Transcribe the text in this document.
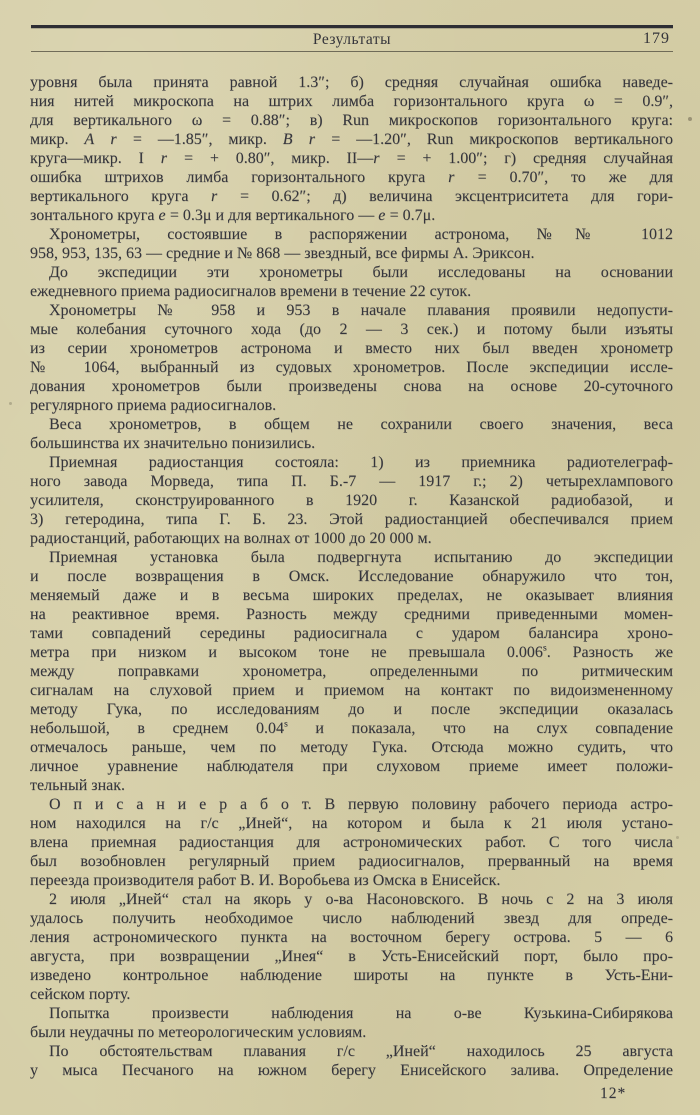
Результаты	179
уровня была принята равной 1.3″; б) средняя случайная ошибка наведе-
ния нитей микроскопа на штрих лимба горизонтального круга ω = 0.9″,
для вертикального ω = 0.88″; в) Run микроскопов горизонтального круга:
микр. A r = —1.85″, микр. B r = —1.20″, Run микроскопов вертикального
круга—микр. I r = + 0.80″, микр. II—r = + 1.00″; г) средняя случайная
ошибка штрихов лимба горизонтального круга r = 0.70″, то же для
вертикального круга r = 0.62″; д) величина эксцентриситета для гори-
зонтального круга e = 0.3μ и для вертикального — e = 0.7μ.
Хронометры, состоявшие в распоряжении астронома, №№ 1012
958, 953, 135, 63 — средние и № 868 — звездный, все фирмы А. Эриксон.
До экспедиции эти хронометры были исследованы на основании
ежедневного приема радиосигналов времени в течение 22 суток.
Хронометры № 958 и 953 в начале плавания проявили недопусти-
мые колебания суточного хода (до 2 — 3 сек.) и потому были изъяты
из серии хронометров астронома и вместо них был введен хронометр
№ 1064, выбранный из судовых хронометров. После экспедиции иссле-
дования хронометров были произведены снова на основе 20-суточного
регулярного приема радиосигналов.
Веса хронометров, в общем не сохранили своего значения, веса
большинства их значительно понизились.
Приемная радиостанция состояла: 1) из приемника радиотелеграф-
ного завода Морведа, типа П. Б.-7 — 1917 г.; 2) четырехлампового
усилителя, сконструированного в 1920 г. Казанской радиобазой, и
3) гетеродина, типа Г. Б. 23. Этой радиостанцией обеспечивался прием
радиостанций, работающих на волнах от 1000 до 20 000 м.
Приемная установка была подвергнута испытанию до экспедиции
и после возвращения в Омск. Исследование обнаружило что тон,
меняемый даже и в весьма широких пределах, не оказывает влияния
на реактивное время. Разность между средними приведенными момен-
тами совпадений середины радиосигнала с ударом балансира хроно-
метра при низком и высоком тоне не превышала 0.006$^s$. Разность же
между поправками хронометра, определенными по ритмическим
сигналам на слуховой прием и приемом на контакт по видоизмененному
методу Гука, по исследованиям до и после экспедиции оказалась
небольшой, в среднем 0.04$^s$ и показала, что на слух совпадение
отмечалось раньше, чем по методу Гука. Отсюда можно судить, что
личное уравнение наблюдателя при слуховом приеме имеет положи-
тельный знак.
О п и с а н и е р а б о т. В первую половину рабочего периода астро-
ном находился на г/с „Иней“, на котором и была к 21 июля устано-
влена приемная радиостанция для астрономических работ. С того числа
был возобновлен регулярный прием радиосигналов, прерванный на время
переезда производителя работ В. И. Воробьева из Омска в Енисейск.
2 июля „Иней“ стал на якорь у о-ва Насоновского. В ночь с 2 на 3 июля
удалось получить необходимое число наблюдений звезд для опреде-
ления астрономического пункта на восточном берегу острова. 5 — 6
августа, при возвращении „Инея“ в Усть-Енисейский порт, было про-
изведено контрольное наблюдение широты на пункте в Усть-Ени-
сейском порту.
Попытка произвести наблюдения на о-ве Кузькина-Сибирякова
были неудачны по метеорологическим условиям.
По обстоятельствам плавания г/с „Иней“ находилось 25 августа
у мыса Песчаного на южном берегу Енисейского залива. Определение
12*
